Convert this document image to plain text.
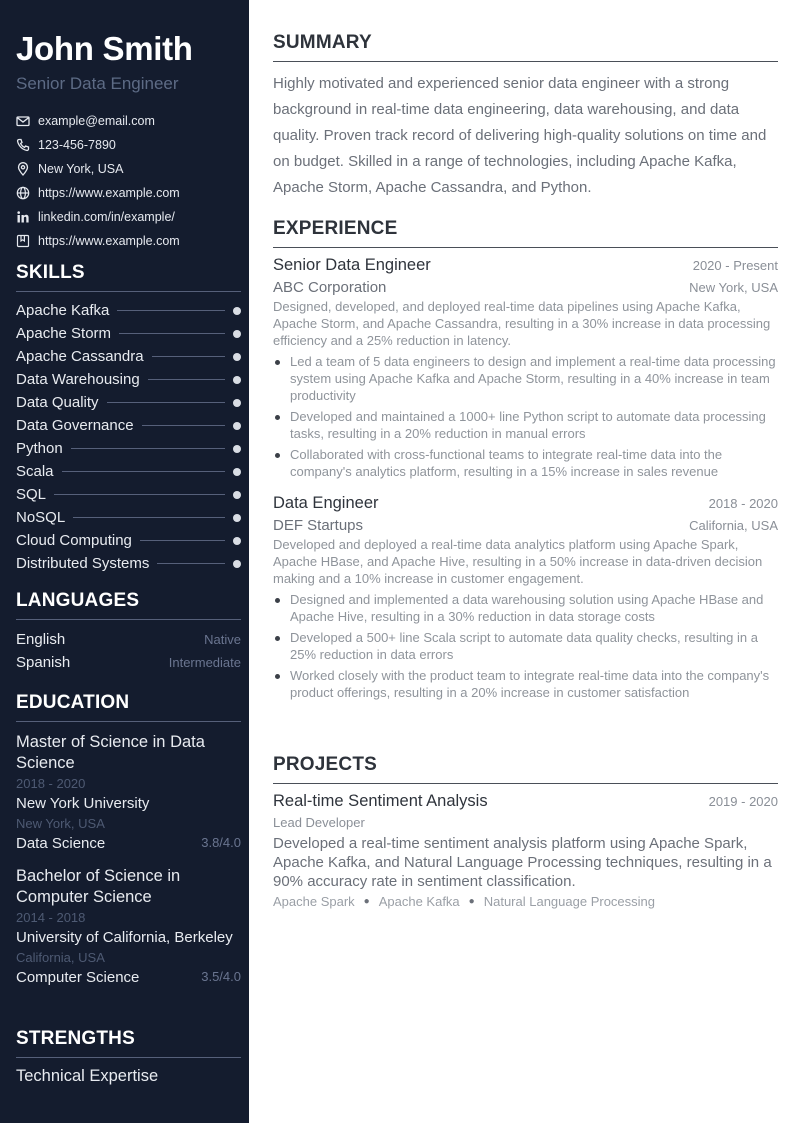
John Smith
Senior Data Engineer
example@email.com
123-456-7890
New York, USA
https://www.example.com
linkedin.com/in/example/
https://www.example.com
SKILLS
Apache Kafka
Apache Storm
Apache Cassandra
Data Warehousing
Data Quality
Data Governance
Python
Scala
SQL
NoSQL
Cloud Computing
Distributed Systems
LANGUAGES
English	Native
Spanish	Intermediate
EDUCATION
Master of Science in Data Science
2018 - 2020
New York University
New York, USA
Data Science	3.8/4.0
Bachelor of Science in Computer Science
2014 - 2018
University of California, Berkeley
California, USA
Computer Science	3.5/4.0
STRENGTHS
Technical Expertise
SUMMARY

Highly motivated and experienced senior data engineer with a strong background in real-time data engineering, data warehousing, and data quality. Proven track record of delivering high-quality solutions on time and on budget. Skilled in a range of technologies, including Apache Kafka, Apache Storm, Apache Cassandra, and Python.

EXPERIENCE
Senior Data Engineer	2020 - Present
ABC Corporation	New York, USA

Designed, developed, and deployed real-time data pipelines using Apache Kafka, Apache Storm, and Apache Cassandra, resulting in a 30% increase in data processing efficiency and a 25% reduction in latency.

Led a team of 5 data engineers to design and implement a real-time data processing system using Apache Kafka and Apache Storm, resulting in a 40% increase in team productivity
Developed and maintained a 1000+ line Python script to automate data processing tasks, resulting in a 20% reduction in manual errors
Collaborated with cross-functional teams to integrate real-time data into the company's analytics platform, resulting in a 15% increase in sales revenue
Data Engineer	2018 - 2020
DEF Startups	California, USA

Developed and deployed a real-time data analytics platform using Apache Spark, Apache HBase, and Apache Hive, resulting in a 50% increase in data-driven decision making and a 10% increase in customer engagement.

Designed and implemented a data warehousing solution using Apache HBase and Apache Hive, resulting in a 30% reduction in data storage costs
Developed a 500+ line Scala script to automate data quality checks, resulting in a 25% reduction in data errors
Worked closely with the product team to integrate real-time data into the company's product offerings, resulting in a 20% increase in customer satisfaction
PROJECTS
Real-time Sentiment Analysis	2019 - 2020
Lead Developer

Developed a real-time sentiment analysis platform using Apache Spark, Apache Kafka, and Natural Language Processing techniques, resulting in a 90% accuracy rate in sentiment classification.

Apache Spark ● Apache Kafka ● Natural Language Processing
